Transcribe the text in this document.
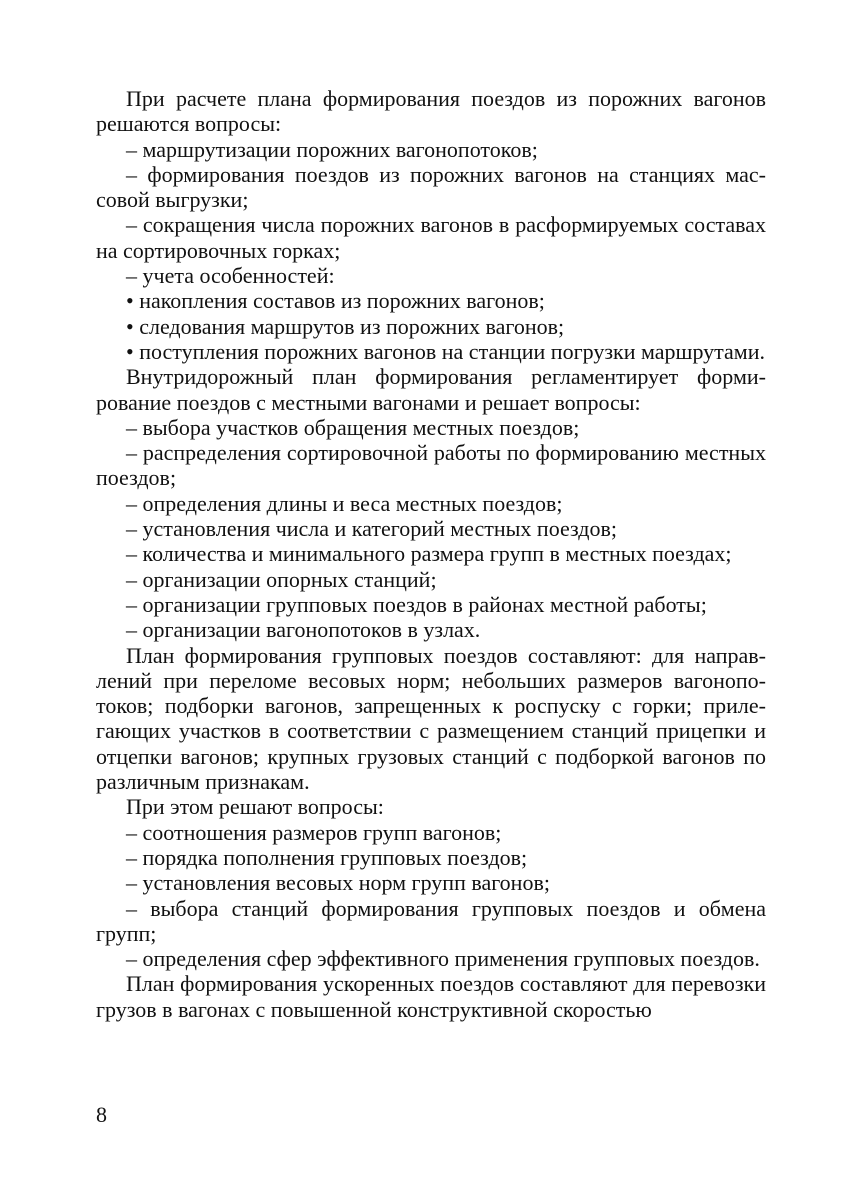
При расчете плана формирования поездов из порожних вагонов решаются вопросы:

– маршрутизации порожних вагонопотоков;

– формирования поездов из порожних вагонов на станциях массовой выгрузки;

– сокращения числа порожних вагонов в расформируемых составах на сортировочных горках;

– учета особенностей:

• накопления составов из порожних вагонов;

• следования маршрутов из порожних вагонов;

• поступления порожних вагонов на станции погрузки маршрутами.

Внутридорожный план формирования регламентирует формирование поездов с местными вагонами и решает вопросы:

– выбора участков обращения местных поездов;

– распределения сортировочной работы по формированию местных поездов;

– определения длины и веса местных поездов;

– установления числа и категорий местных поездов;

– количества и минимального размера групп в местных поездах;

– организации опорных станций;

– организации групповых поездов в районах местной работы;

– организации вагонопотоков в узлах.

План формирования групповых поездов составляют: для направлений при переломе весовых норм; небольших размеров вагонопотоков; подборки вагонов, запрещенных к роспуску с горки; прилегающих участков в соответствии с размещением станций прицепки и отцепки вагонов; крупных грузовых станций с подборкой вагонов по различным признакам.

При этом решают вопросы:

– соотношения размеров групп вагонов;

– порядка пополнения групповых поездов;

– установления весовых норм групп вагонов;

– выбора станций формирования групповых поездов и обмена групп;

– определения сфер эффективного применения групповых поездов.

План формирования ускоренных поездов составляют для перевозки грузов в вагонах с повышенной конструктивной скоростью

8
